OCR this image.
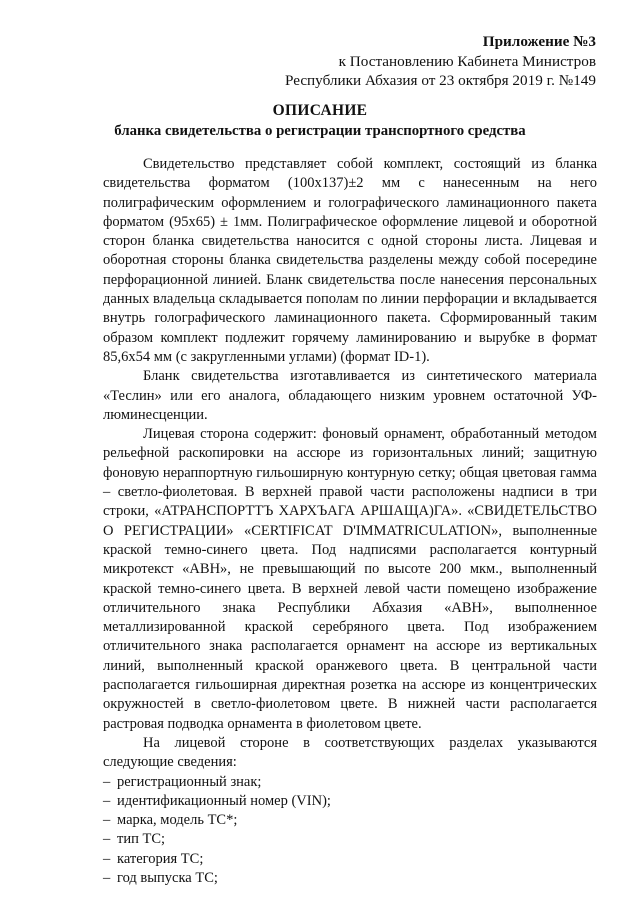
Приложение №3
к Постановлению Кабинета Министров
Республики Абхазия от 23 октября 2019 г. №149
ОПИСАНИЕ
бланка свидетельства о регистрации транспортного средства

Свидетельство представляет собой комплект, состоящий из бланка свидетельства форматом (100х137)±2 мм с нанесенным на него полиграфическим оформлением и голографического ламинационного пакета форматом (95х65) ± 1мм. Полиграфическое оформление лицевой и оборотной сторон бланка свидетельства наносится с одной стороны листа. Лицевая и оборотная стороны бланка свидетельства разделены между собой посередине перфорационной линией. Бланк свидетельства после нанесения персональных данных владельца складывается пополам по линии перфорации и вкладывается внутрь голографического ламинационного пакета. Сформированный таким образом комплект подлежит горячему ламинированию и вырубке в формат 85,6х54 мм (с закругленными углами) (формат ID-1).

Бланк свидетельства изготавливается из синтетического материала «Теслин» или его аналога, обладающего низким уровнем остаточной УФ-люминесценции.

Лицевая сторона содержит: фоновый орнамент, обработанный методом рельефной раскопировки на ассюре из горизонтальных линий; защитную фоновую нераппортную гильоширную контурную сетку; общая цветовая гамма – светло-фиолетовая. В верхней правой части расположены надписи в три строки, «АТРАНСПОРТТЪ ХАРХЪАГА АРШАЩА)ГА». «СВИДЕТЕЛЬСТВО О РЕГИСТРАЦИИ» «CERTIFICAT D'IMMATRICULATION», выполненные краской темно-синего цвета. Под надписями располагается контурный микротекст «АВН», не превышающий по высоте 200 мкм., выполненный краской темно-синего цвета. В верхней левой части помещено изображение отличительного знака Республики Абхазия «АВН», выполненное металлизированной краской серебряного цвета. Под изображением отличительного знака располагается орнамент на ассюре из вертикальных линий, выполненный краской оранжевого цвета. В центральной части располагается гильоширная директная розетка на ассюре из концентрических окружностей в светло-фиолетовом цвете. В нижней части располагается растровая подводка орнамента в фиолетовом цвете.

На лицевой стороне в соответствующих разделах указываются следующие сведения:

– регистрационный знак;
– идентификационный номер (VIN);
– марка, модель ТС*;
– тип ТС;
– категория ТС;
– год выпуска ТС;
